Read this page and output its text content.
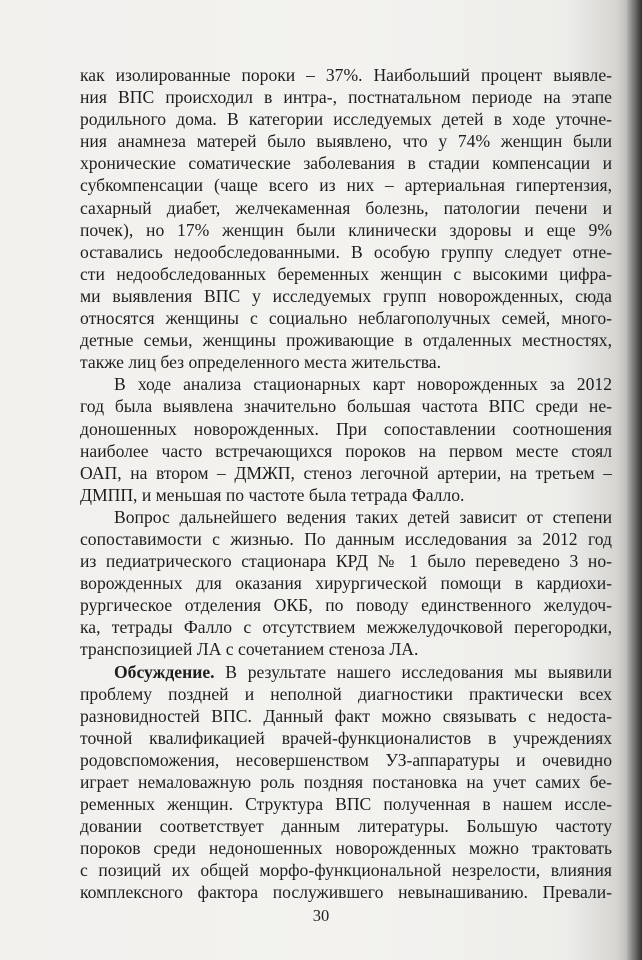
как изолированные пороки – 37%. Наибольший процент выявле-
ния ВПС происходил в интра-, постнатальном периоде на этапе
родильного дома. В категории исследуемых детей в ходе уточне-
ния анамнеза матерей было выявлено, что у 74% женщин были
хронические соматические заболевания в стадии компенсации и
субкомпенсации (чаще всего из них – артериальная гипертензия,
сахарный диабет, желчекаменная болезнь, патологии печени и
почек), но 17% женщин были клинически здоровы и еще 9%
оставались недообследованными. В особую группу следует отне-
сти недообследованных беременных женщин с высокими цифра-
ми выявления ВПС у исследуемых групп новорожденных, сюда
относятся женщины с социально неблагополучных семей, много-
детные семьи, женщины проживающие в отдаленных местностях,
также лиц без определенного места жительства.
В ходе анализа стационарных карт новорожденных за 2012
год была выявлена значительно большая частота ВПС среди не-
доношенных новорожденных. При сопоставлении соотношения
наиболее часто встречающихся пороков на первом месте стоял
ОАП, на втором – ДМЖП, стеноз легочной артерии, на третьем –
ДМПП, и меньшая по частоте была тетрада Фалло.
Вопрос дальнейшего ведения таких детей зависит от степени
сопоставимости с жизнью. По данным исследования за 2012 год
из педиатрического стационара КРД № 1 было переведено 3 но-
ворожденных для оказания хирургической помощи в кардиохи-
рургическое отделения ОКБ, по поводу единственного желудоч-
ка, тетрады Фалло с отсутствием межжелудочковой перегородки,
транспозицией ЛА с сочетанием стеноза ЛА.
Обсуждение. В результате нашего исследования мы выявили
проблему поздней и неполной диагностики практически всех
разновидностей ВПС. Данный факт можно связывать с недоста-
точной квалификацией врачей-функционалистов в учреждениях
родовспоможения, несовершенством УЗ-аппаратуры и очевидно
играет немаловажную роль поздняя постановка на учет самих бе-
ременных женщин. Структура ВПС полученная в нашем иссле-
довании соответствует данным литературы. Большую частоту
пороков среди недоношенных новорожденных можно трактовать
с позиций их общей морфо-функциональной незрелости, влияния
комплексного фактора послужившего невынашиванию. Превали-
30
